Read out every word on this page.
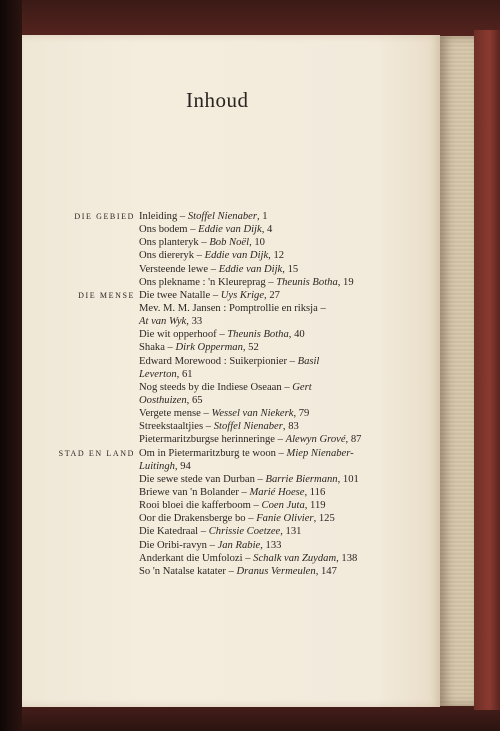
Inhoud
DIE GEBIED Inleiding – Stoffel Nienaber, 1
Ons bodem – Eddie van Dijk, 4
Ons planteryk – Bob Noël, 10
Ons diereryk – Eddie van Dijk, 12
Versteende lewe – Eddie van Dijk, 15
Ons plekname : 'n Kleureprag – Theunis Botha, 19
DIE MENSE Die twee Natalle – Uys Krige, 27
Mev. M. M. Jansen : Pomptrollie en riksja –
At van Wyk, 33
Die wit opperhoof – Theunis Botha, 40
Shaka – Dirk Opperman, 52
Edward Morewood : Suikerpionier – Basil
Leverton, 61
Nog steeds by die Indiese Oseaan – Gert
Oosthuizen, 65
Vergete mense – Wessel van Niekerk, 79
Streekstaaltjies – Stoffel Nienaber, 83
Pietermaritzburgse herinneringe – Alewyn Grové, 87
STAD EN LAND Om in Pietermaritzburg te woon – Miep Nienaber-
Luitingh, 94
Die sewe stede van Durban – Barrie Biermann, 101
Briewe van 'n Bolander – Marié Hoese, 116
Rooi bloei die kafferboom – Coen Juta, 119
Oor die Drakensberge bo – Fanie Olivier, 125
Die Katedraal – Chrissie Coetzee, 131
Die Oribi-ravyn – Jan Rabie, 133
Anderkant die Umfolozi – Schalk van Zuydam, 138
So 'n Natalse katater – Dranus Vermeulen, 147
